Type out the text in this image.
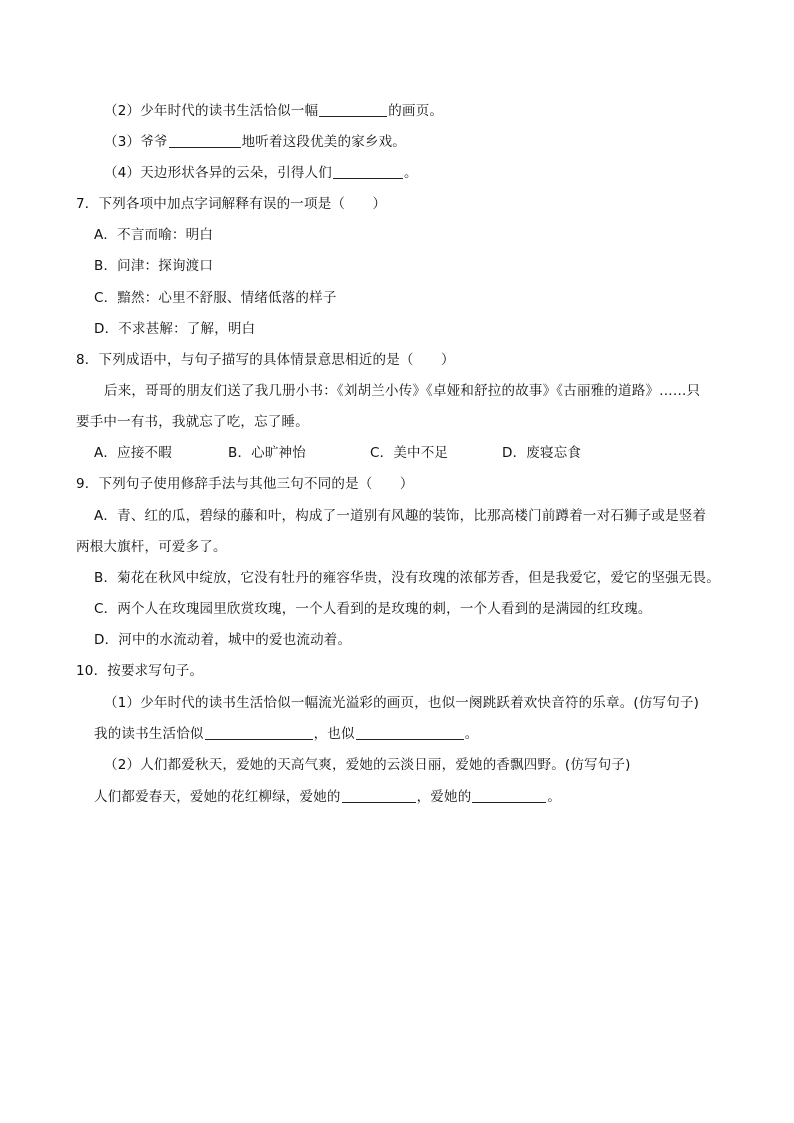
（2）少年时代的读书生活恰似一幅	的画页。
（3）爷爷	地听着这段优美的家乡戏。
（4）天边形状各异的云朵，引得人们	。
7．下列各项中加点字词解释有误的一项是（　　）
A．不言而喻：明白
B．问津：探询渡口
C．黯然：心里不舒服、情绪低落的样子
D．不求甚解：了解，明白
8．下列成语中，与句子描写的具体情景意思相近的是（　　）
后来，哥哥的朋友们送了我几册小书：《刘胡兰小传》《卓娅和舒拉的故事》《古丽雅的道路》……只
要手中一有书，我就忘了吃，忘了睡。
A．应接不暇	B．心旷神怡	C．美中不足	D．废寝忘食
9．下列句子使用修辞手法与其他三句不同的是（　　）
A．青、红的瓜，碧绿的藤和叶，构成了一道别有风趣的装饰，比那高楼门前蹲着一对石狮子或是竖着
两根大旗杆，可爱多了。
B．菊花在秋风中绽放，它没有牡丹的雍容华贵，没有玫瑰的浓郁芳香，但是我爱它，爱它的坚强无畏。
C．两个人在玫瑰园里欣赏玫瑰，一个人看到的是玫瑰的刺，一个人看到的是满园的红玫瑰。
D．河中的水流动着，城中的爱也流动着。
10．按要求写句子。
（1）少年时代的读书生活恰似一幅流光溢彩的画页，也似一阕跳跃着欢快音符的乐章。(仿写句子)
我的读书生活恰似	，也似	。
（2）人们都爱秋天，爱她的天高气爽，爱她的云淡日丽，爱她的香飘四野。(仿写句子)
人们都爱春天，爱她的花红柳绿，爱她的	，爱她的	。
